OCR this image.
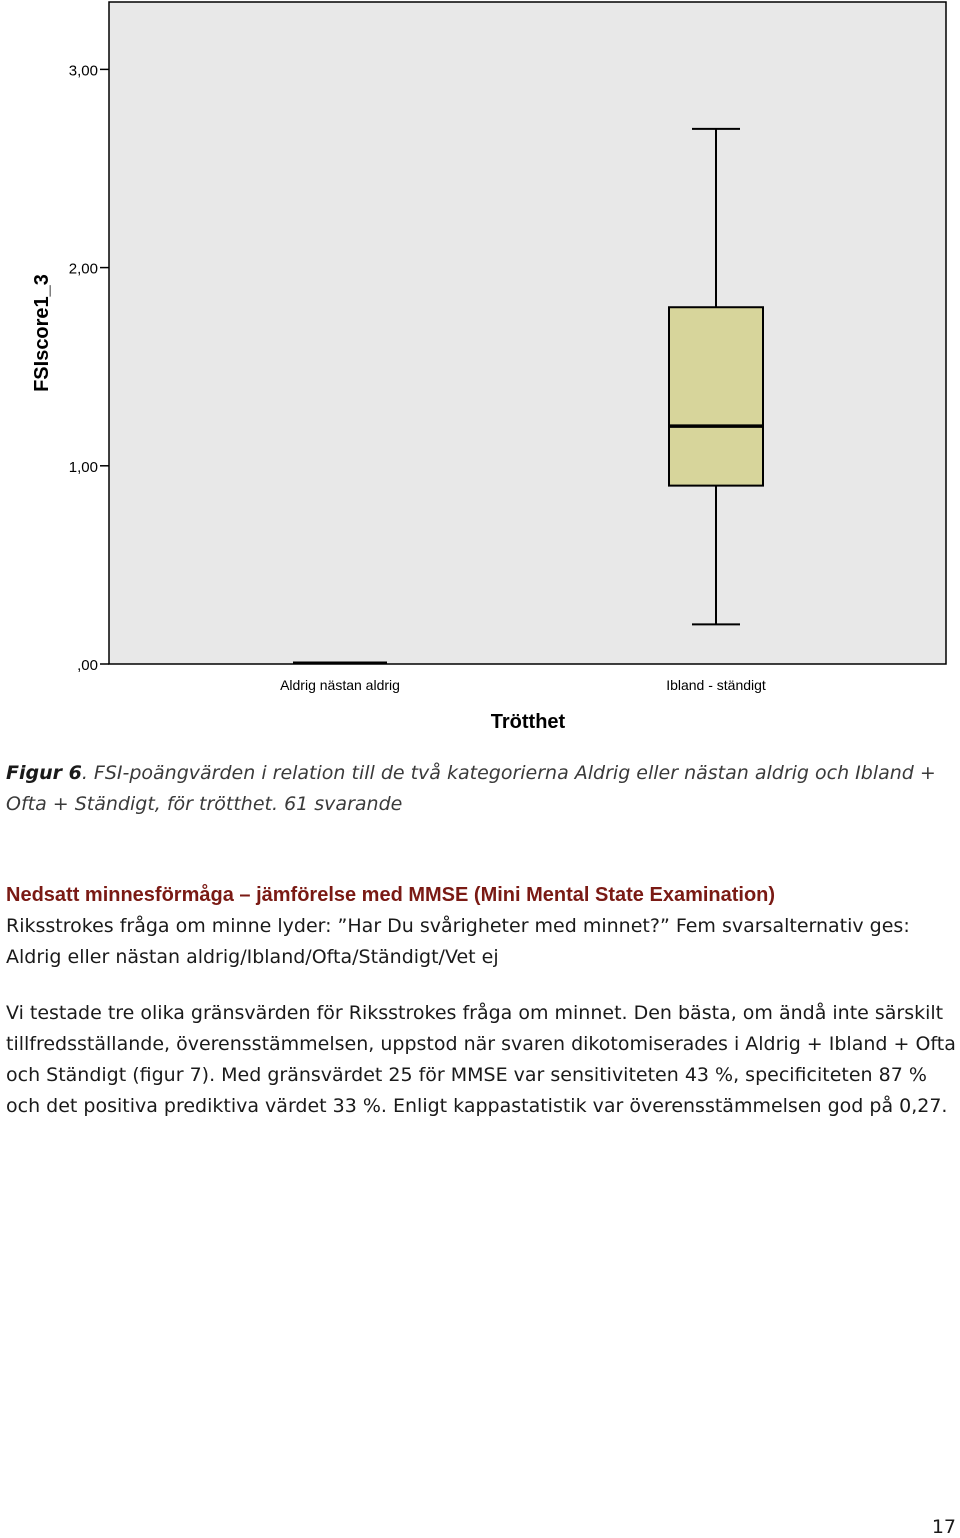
3,00
2,00
1,00
,00
Aldrig nästan aldrig	Ibland - ständigt
FSIscore1_3
Trötthet

Figur 6. FSI-poängvärden i relation till de två kategorierna Aldrig eller nästan aldrig och Ibland + Ofta + Ständigt, för trötthet. 61 svarande

Nedsatt minnesförmåga – jämförelse med MMSE (Mini Mental State Examination)

Riksstrokes fråga om minne lyder: ”Har Du svårigheter med minnet?” Fem svarsalternativ ges: Aldrig eller nästan aldrig/Ibland/Ofta/Ständigt/Vet ej

Vi testade tre olika gränsvärden för Riksstrokes fråga om minnet. Den bästa, om ändå inte särskilt tillfredsställande, överensstämmelsen, uppstod när svaren dikotomiserades i Aldrig + Ibland + Ofta och Ständigt (figur 7). Med gränsvärdet 25 för MMSE var sensitiviteten 43 %, specificiteten 87 % och det positiva prediktiva värdet 33 %. Enligt kappastatistik var överensstämmelsen god på 0,27.

17
